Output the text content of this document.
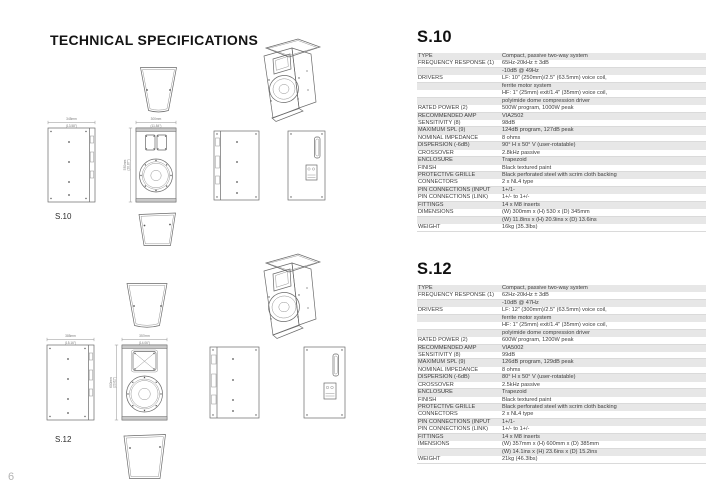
TECHNICAL SPECIFICATIONS
345mm
(13.58")
300mm
(11.84")
530mm (20.87")
S.10
385mm
(15.16")
357mm
(14.06")
600mm (23.62")
S.12
S.10
TYPE	Compact, passive two-way system
FREQUENCY RESPONSE (1)	65Hz-20kHz ± 3dB
-10dB @ 49Hz
DRIVERS	LF: 10" (250mm)/2.5" (63.5mm) voice coil,
ferrite motor system
HF: 1" (25mm) exit/1.4" (35mm) voice coil,
polyimide dome compression driver
RATED POWER (2)	500W program, 1000W peak
RECOMMENDED AMP	VIA2502
SENSITIVITY (8)	98dB
MAXIMUM SPL (9)	124dB program, 127dB peak
NOMINAL IMPEDANCE	8 ohms
DISPERSION (-6dB)	90° H x 50° V (user-rotatable)
CROSSOVER	2.8kHz passive
ENCLOSURE	Trapezoid
FINISH	Black textured paint
PROTECTIVE GRILLE	Black perforated steel with scrim cloth backing
CONNECTORS	2 x NL4 type
PIN CONNECTIONS (INPUT	1+/1-
PIN CONNECTIONS (LINK)	1+/- to 1+/-
FITTINGS	14 x M8 inserts
DIMENSIONS	(W) 300mm x (H) 530 x (D) 345mm
(W) 11.8ins x (H) 20.9ins x (D) 13.6ins
WEIGHT	16kg (35.3lbs)
S.12
TYPE	Compact, passive two-way system
FREQUENCY RESPONSE (1)	62Hz-20kHz ± 3dB
-10dB @ 47Hz
DRIVERS	LF: 12" (300mm)/2.5" (63.5mm) voice coil,
ferrite motor system
HF: 1" (25mm) exit/1.4" (35mm) voice coil,
polyimide dome compression driver
RATED POWER (2)	600W program, 1200W peak
RECOMMENDED AMP	VIA5002
SENSITIVITY (8)	99dB
MAXIMUM SPL (9)	126dB program, 129dB peak
NOMINAL IMPEDANCE	8 ohms
DISPERSION (-6dB)	80° H x 50° V (user-rotatable)
CROSSOVER	2.5kHz passive
ENCLOSURE	Trapezoid
FINISH	Black textured paint
PROTECTIVE GRILLE	Black perforated steel with scrim cloth backing
CONNECTORS	2 x NL4 type
PIN CONNECTIONS (INPUT	1+/1-
PIN CONNECTIONS (LINK)	1+/- to 1+/-
FITTINGS	14 x M8 inserts
IMENSIONS	(W) 357mm x (H) 600mm x (D) 385mm
(W) 14.1ins x (H) 23.6ins x (D) 15.2ins
WEIGHT	21kg (46.3lbs)
6
